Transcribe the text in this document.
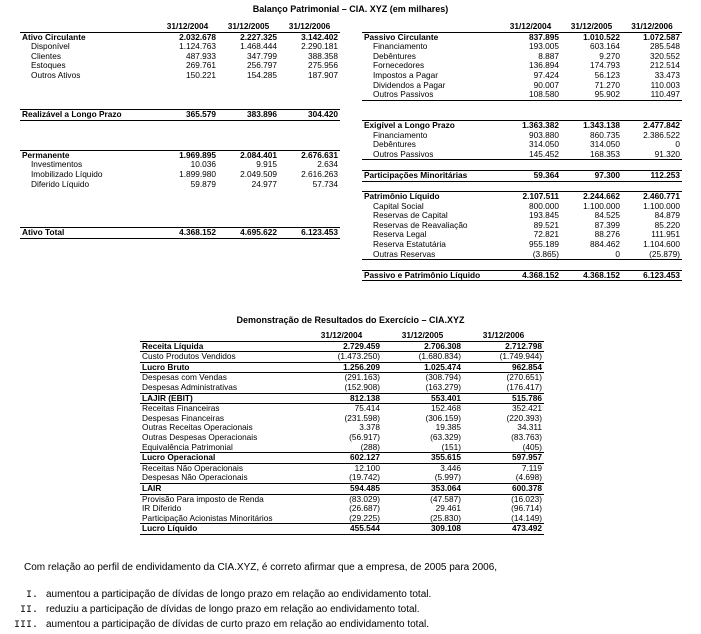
Balanço Patrimonial – CIA. XYZ (em milhares)
	31/12/2004	31/12/2005	31/12/2006
Ativo Circulante	2.032.678	2.227.325	3.142.402
Disponível	1.124.763	1.468.444	2.290.181
Clientes	487.933	347.799	388.358
Estoques	269.761	256.797	275.956
Outros Ativos	150.221	154.285	187.907

Realizável a Longo Prazo	365.579	383.896	304.420

Permanente	1.969.895	2.084.401	2.676.631
Investimentos	10.036	9.915	2.634
Imobilizado Líquido	1.899.980	2.049.509	2.616.263
Diferido Líquido	59.879	24.977	57.734

Ativo Total	4.368.152	4.695.622	6.123.453
	31/12/2004	31/12/2005	31/12/2006
Passivo Circulante	837.895	1.010.522	1.072.587
Financiamento	193.005	603.164	285.548
Debêntures	8.887	9.270	320.552
Fornecedores	136.894	174.793	212.514
Impostos a Pagar	97.424	56.123	33.473
Dividendos a Pagar	90.007	71.270	110.003
Outros Passivos	108.580	95.902	110.497

Exigível a Longo Prazo	1.363.382	1.343.138	2.477.842
Financiamento	903.880	860.735	2.386.522
Debêntures	314.050	314.050	0
Outros Passivos	145.452	168.353	91.320

Participações Minoritárias	59.364	97.300	112.253

Patrimônio Líquido	2.107.511	2.244.662	2.460.771
Capital Social	800.000	1.100.000	1.100.000
Reservas de Capital	193.845	84.525	84.879
Reservas de Reavaliação	89.521	87.399	85.220
Reserva Legal	72.821	88.276	111.951
Reserva Estatutária	955.189	884.462	1.104.600
Outras Reservas	(3.865)	0	(25.879)

Passivo e Patrimônio Líquido	4.368.152	4.368.152	6.123.453
Demonstração de Resultados do Exercício – CIA.XYZ
	31/12/2004	31/12/2005	31/12/2006
Receita Líquida	2.729.459	2.706.308	2.712.798
Custo Produtos Vendidos	(1.473.250)	(1.680.834)	(1.749.944)
Lucro Bruto	1.256.209	1.025.474	962.854
Despesas com Vendas	(291.163)	(308.794)	(270.651)
Despesas Administrativas	(152.908)	(163.279)	(176.417)
LAJIR (EBIT)	812.138	553.401	515.786
Receitas Financeiras	75.414	152.468	352.421
Despesas Financeiras	(231.598)	(306.159)	(220.393)
Outras Receitas Operacionais	3.378	19.385	34.311
Outras Despesas Operacionais	(56.917)	(63.329)	(83.763)
Equivalência Patrimonial	(288)	(151)	(405)
Lucro Operacional	602.127	355.615	597.957
Receitas Não Operacionais	12.100	3.446	7.119
Despesas Não Operacionais	(19.742)	(5.997)	(4.698)
LAIR	594.485	353.064	600.378
Provisão Para imposto de Renda	(83.029)	(47.587)	(16.023)
IR Diferido	(26.687)	29.461	(96.714)
Participação Acionistas Minoritários	(29.225)	(25.830)	(14.149)
Lucro Líquido	455.544	309.108	473.492
Com relação ao perfil de endividamento da CIA.XYZ, é correto afirmar que a empresa, de 2005 para 2006,
I. aumentou a participação de dívidas de longo prazo em relação ao endividamento total.
II. reduziu a participação de dívidas de longo prazo em relação ao endividamento total.
III. aumentou a participação de dívidas de curto prazo em relação ao endividamento total.
